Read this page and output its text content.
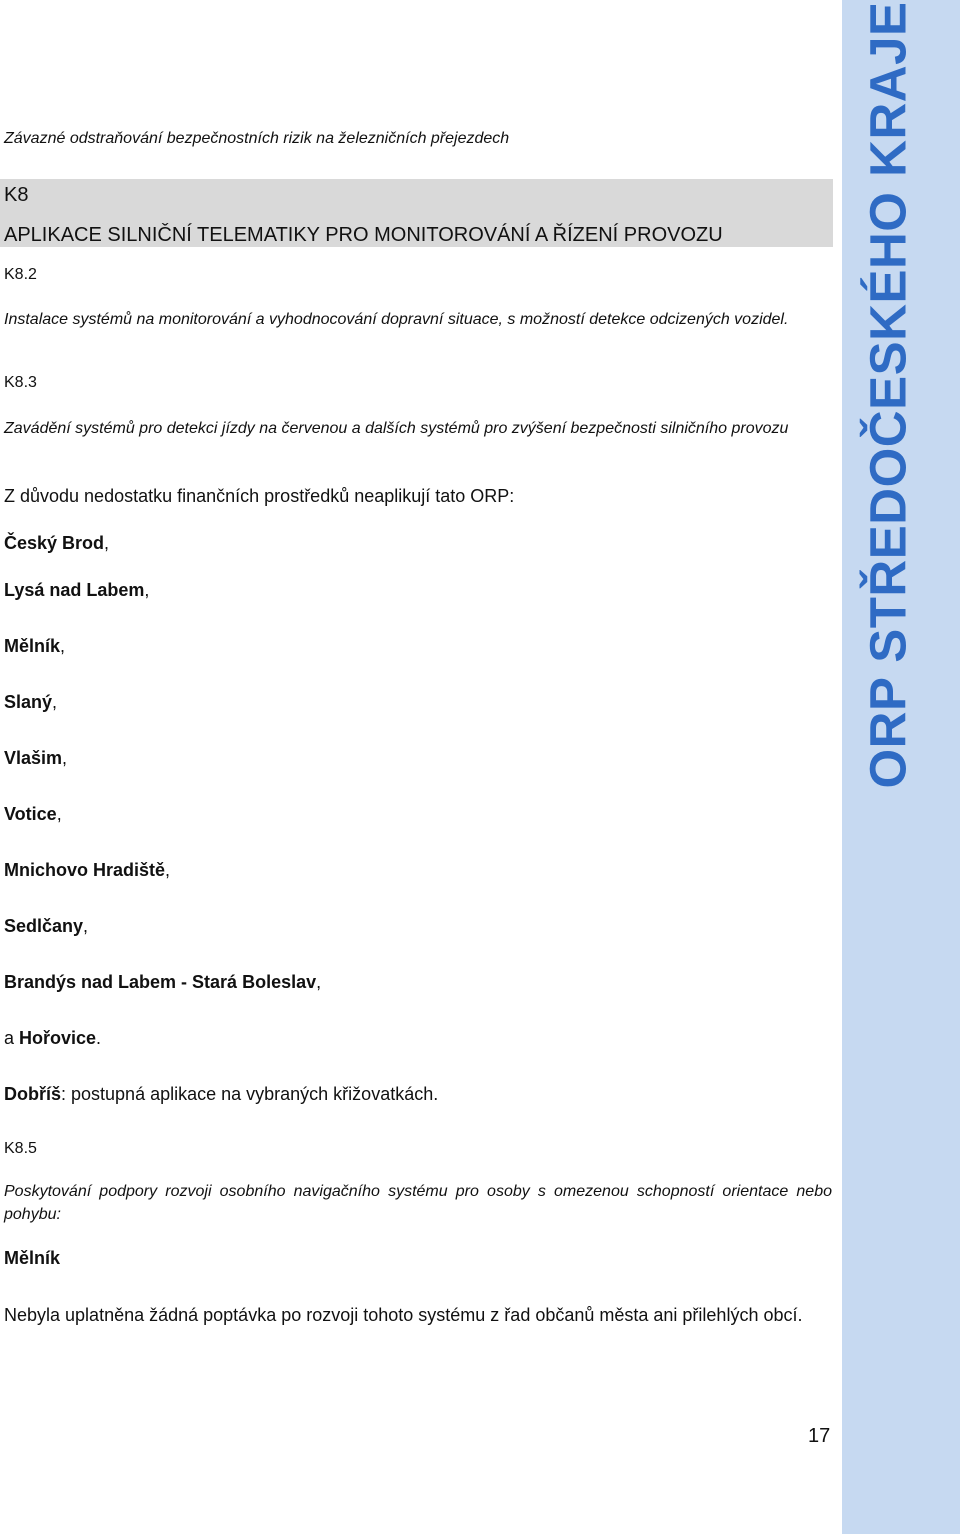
ORP STŘEDOČESKÉHO KRAJE
Závazné odstraňování bezpečnostních rizik na železničních přejezdech
K8
APLIKACE SILNIČNÍ TELEMATIKY PRO MONITOROVÁNÍ A ŘÍZENÍ PROVOZU
K8.2
Instalace systémů na monitorování a vyhodnocování dopravní situace, s možností detekce odcizených vozidel.
K8.3
Zavádění systémů pro detekci jízdy na červenou a dalších systémů pro zvýšení bezpečnosti silničního provozu
Z důvodu nedostatku finančních prostředků neaplikují tato ORP:
Český Brod,
Lysá nad Labem,
Mělník,
Slaný,
Vlašim,
Votice,
Mnichovo Hradiště,
Sedlčany,
Brandýs nad Labem - Stará Boleslav,
a Hořovice.
Dobříš: postupná aplikace na vybraných křižovatkách.
K8.5
Poskytování podpory rozvoji osobního navigačního systému pro osoby s omezenou schopností orientace nebo pohybu:
Mělník
Nebyla uplatněna žádná poptávka po rozvoji tohoto systému z řad občanů města ani přilehlých obcí.
17
